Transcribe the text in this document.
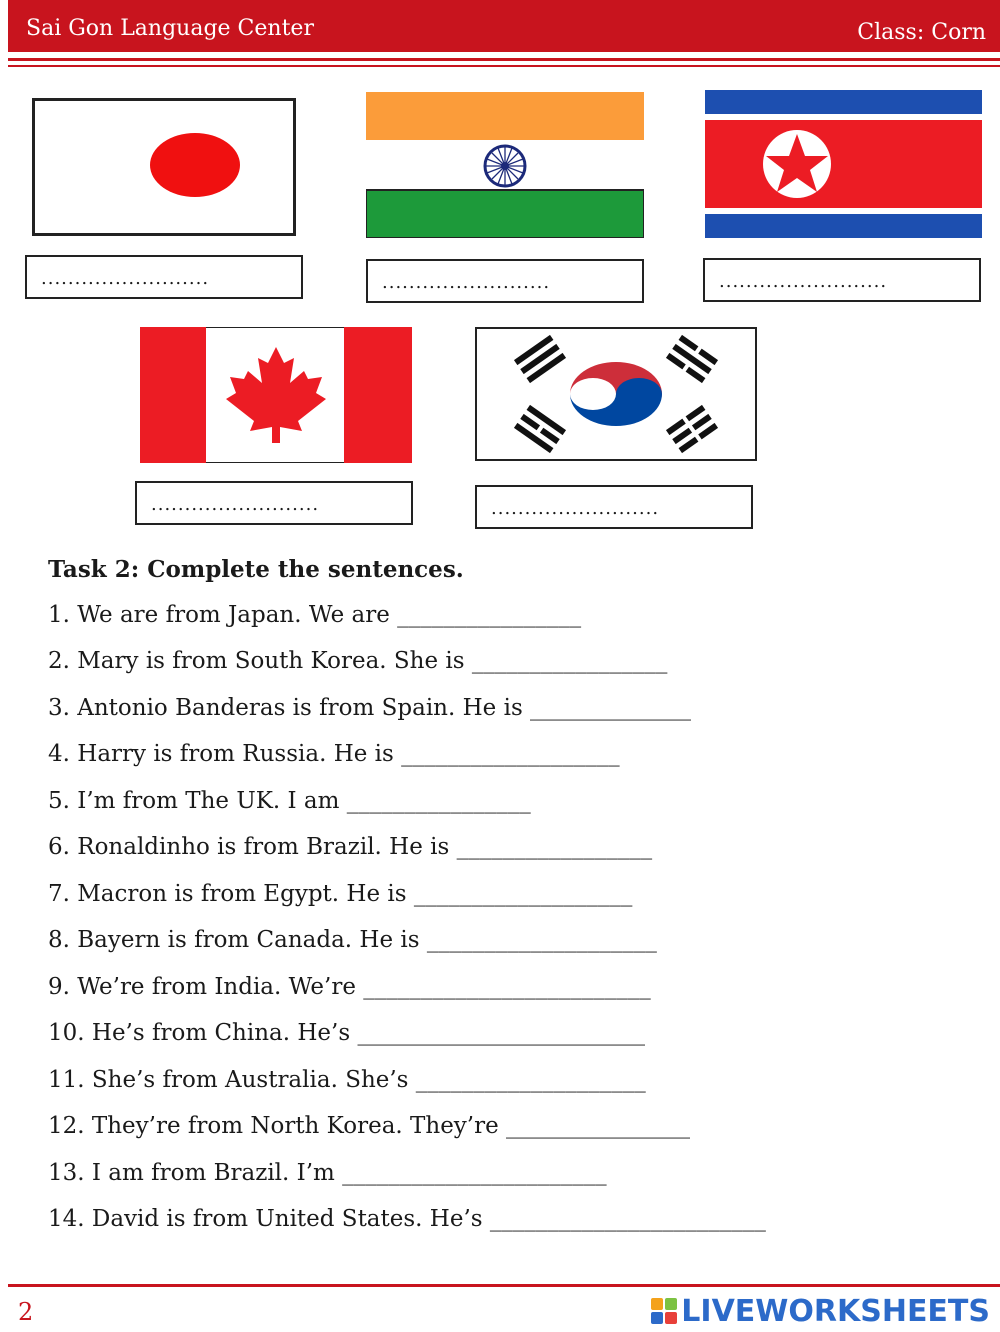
Sai Gon Language Center	Class: Corn
.........................	.........................	.........................
.........................	.........................
Task 2: Complete the sentences.
1. We are from Japan. We are ________________
2. Mary is from South Korea. She is _________________
3. Antonio Banderas is from Spain. He is ______________
4. Harry is from Russia. He is ___________________
5. I’m from The UK. I am ________________
6. Ronaldinho is from Brazil. He is _________________
7. Macron is from Egypt. He is ___________________
8. Bayern is from Canada. He is ____________________
9. We’re from India. We’re _________________________
10. He’s from China. He’s _________________________
11. She’s from Australia. She’s ____________________
12. They’re from North Korea. They’re ________________
13. I am from Brazil. I’m _______________________
14. David is from United States. He’s ________________________
2	LIVEWORKSHEETS
